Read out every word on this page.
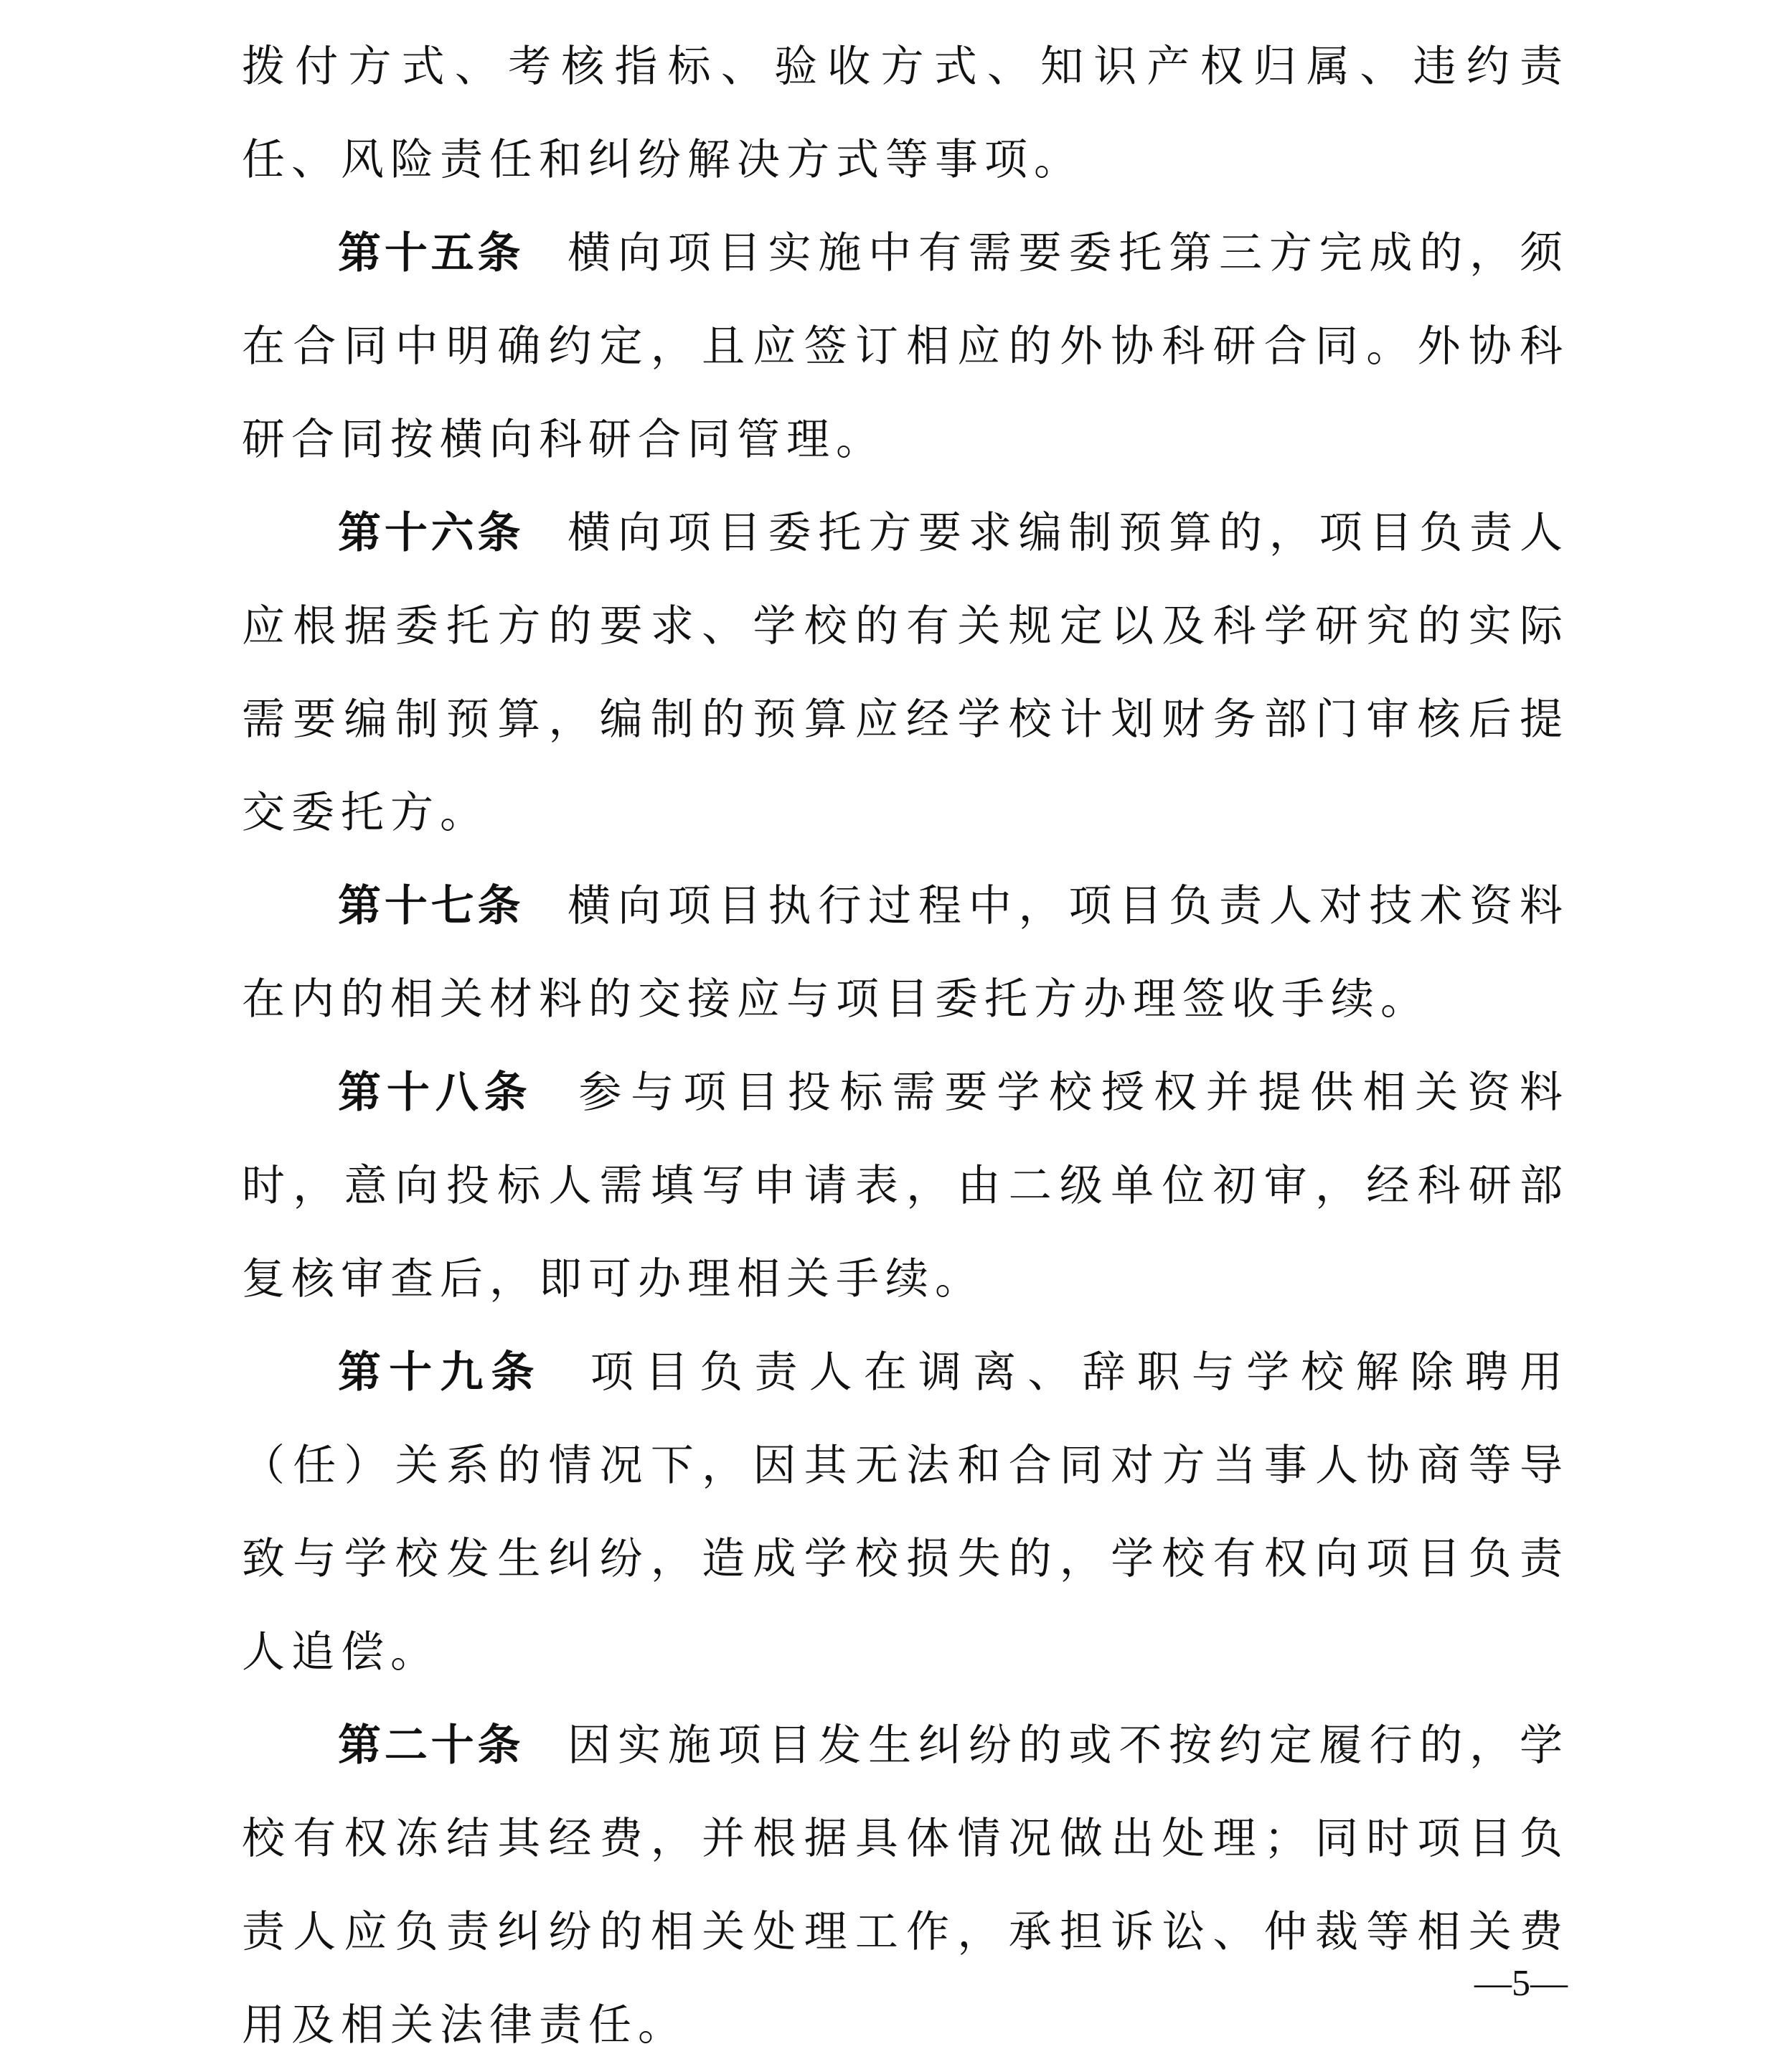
拨付方式、考核指标、验收方式、知识产权归属、违约责任、风险责任和纠纷解决方式等事项。

第十五条 横向项目实施中有需要委托第三方完成的，须在合同中明确约定，且应签订相应的外协科研合同。外协科研合同按横向科研合同管理。

第十六条 横向项目委托方要求编制预算的，项目负责人应根据委托方的要求、学校的有关规定以及科学研究的实际需要编制预算，编制的预算应经学校计划财务部门审核后提交委托方。

第十七条 横向项目执行过程中，项目负责人对技术资料在内的相关材料的交接应与项目委托方办理签收手续。

第十八条 参与项目投标需要学校授权并提供相关资料时，意向投标人需填写申请表，由二级单位初审，经科研部复核审查后，即可办理相关手续。

第十九条 项目负责人在调离、辞职与学校解除聘用（任）关系的情况下，因其无法和合同对方当事人协商等导致与学校发生纠纷，造成学校损失的，学校有权向项目负责人追偿。

第二十条 因实施项目发生纠纷的或不按约定履行的，学校有权冻结其经费，并根据具体情况做出处理；同时项目负责人应负责纠纷的相关处理工作，承担诉讼、仲裁等相关费用及相关法律责任。

—5—
